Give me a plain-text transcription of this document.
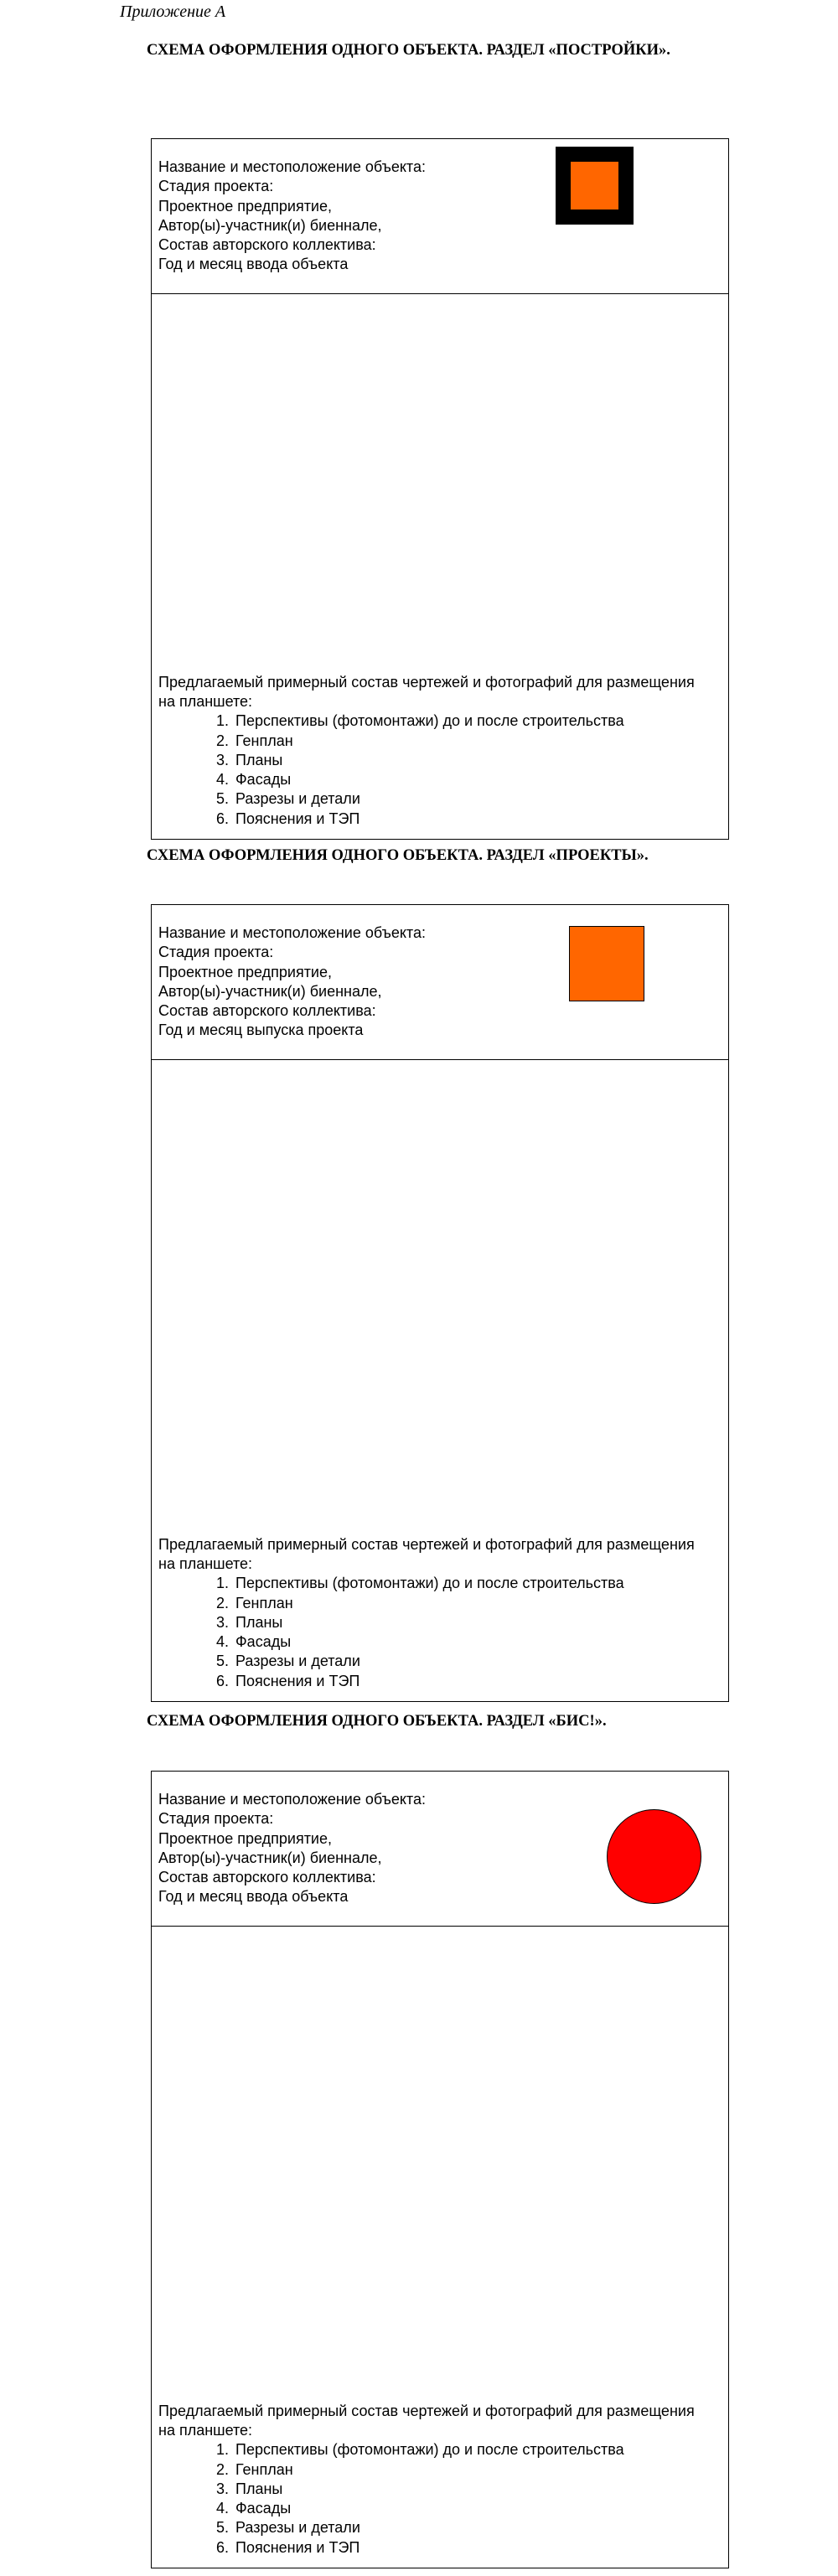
Приложение А
СХЕМА ОФОРМЛЕНИЯ ОДНОГО ОБЪЕКТА. РАЗДЕЛ «ПОСТРОЙКИ».
Название и местоположение объекта:
Стадия проекта:
Проектное предприятие,
Автор(ы)-участник(и) биеннале,
Состав авторского коллектива:
Год и месяц ввода объекта

Предлагаемый примерный состав чертежей и фотографий для размещения на планшете:

1. Перспективы (фотомонтажи) до и после строительства
2. Генплан
3. Планы
4. Фасады
5. Разрезы и детали
6. Пояснения и ТЭП
СХЕМА ОФОРМЛЕНИЯ ОДНОГО ОБЪЕКТА. РАЗДЕЛ «ПРОЕКТЫ».
Название и местоположение объекта:
Стадия проекта:
Проектное предприятие,
Автор(ы)-участник(и) биеннале,
Состав авторского коллектива:
Год и месяц выпуска проекта

Предлагаемый примерный состав чертежей и фотографий для размещения на планшете:

1. Перспективы (фотомонтажи) до и после строительства
2. Генплан
3. Планы
4. Фасады
5. Разрезы и детали
6. Пояснения и ТЭП
СХЕМА ОФОРМЛЕНИЯ ОДНОГО ОБЪЕКТА. РАЗДЕЛ «БИС!».
Название и местоположение объекта:
Стадия проекта:
Проектное предприятие,
Автор(ы)-участник(и) биеннале,
Состав авторского коллектива:
Год и месяц ввода объекта

Предлагаемый примерный состав чертежей и фотографий для размещения на планшете:

1. Перспективы (фотомонтажи) до и после строительства
2. Генплан
3. Планы
4. Фасады
5. Разрезы и детали
6. Пояснения и ТЭП
